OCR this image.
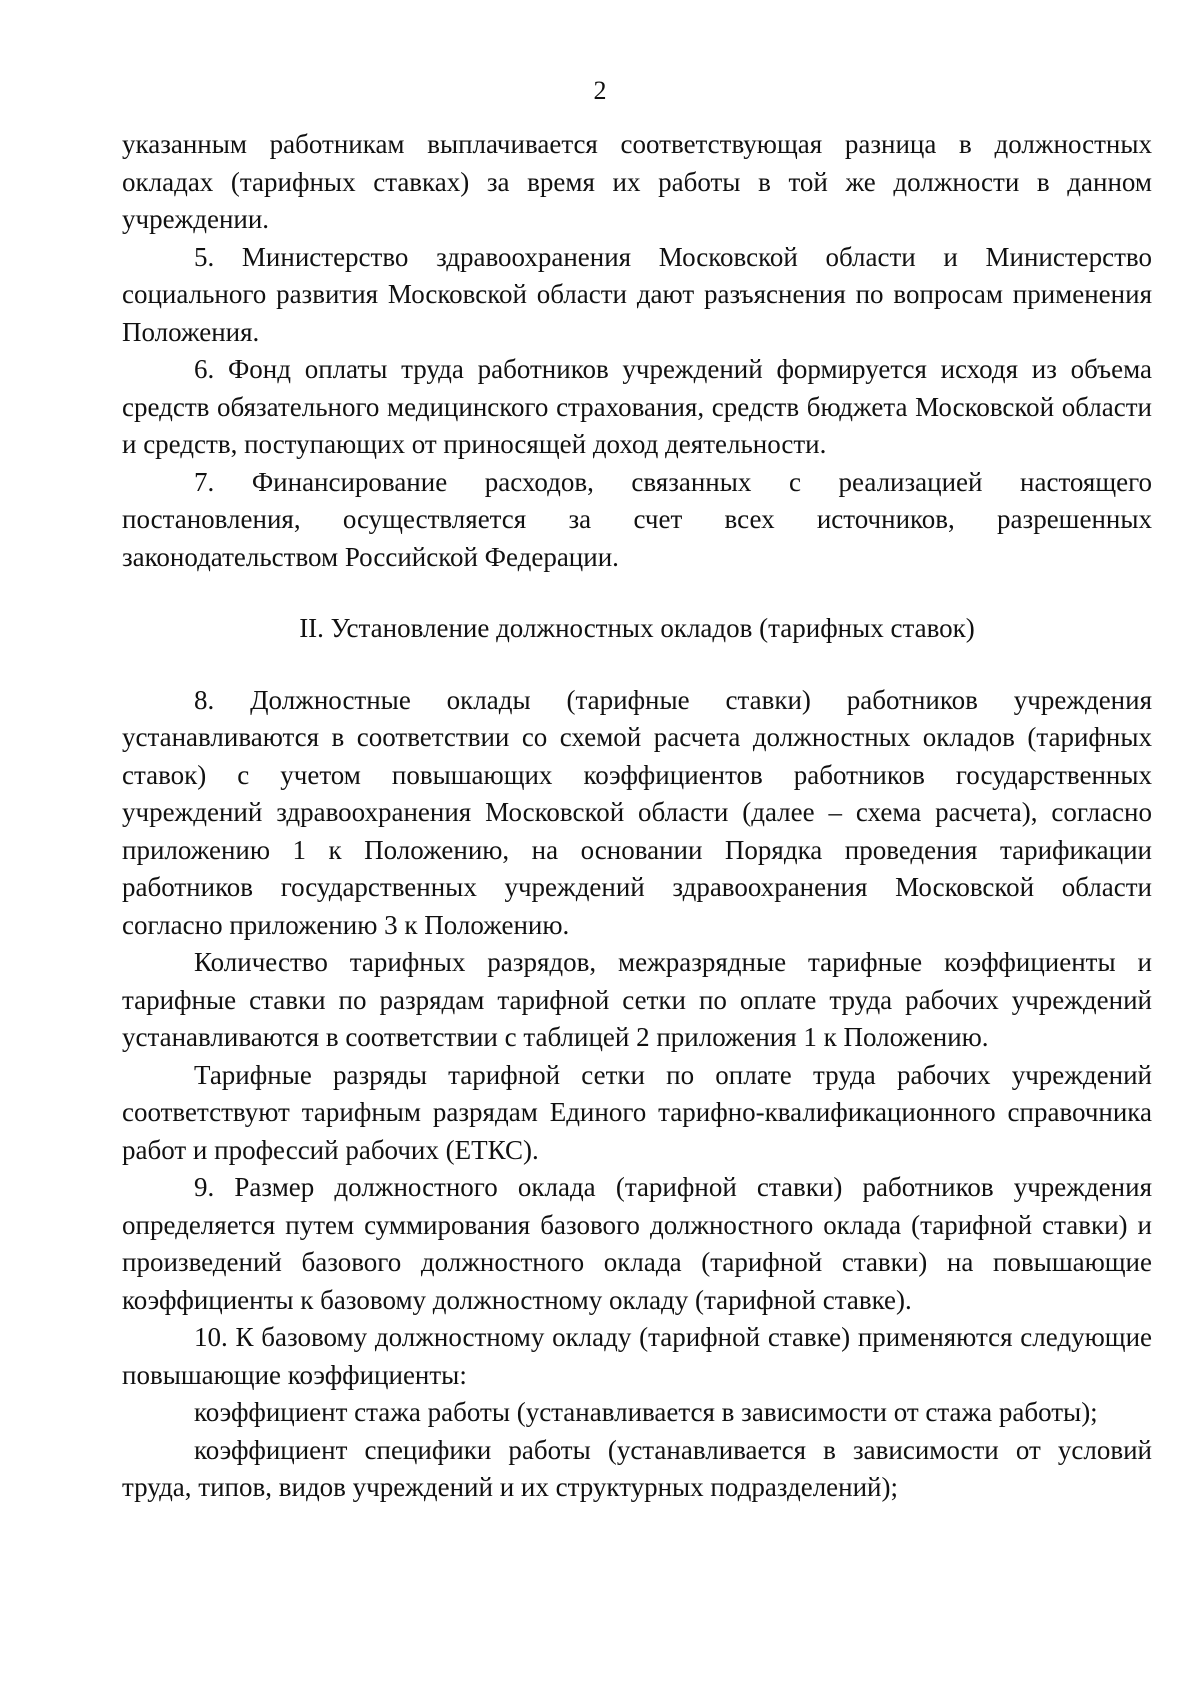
2

указанным работникам выплачивается соответствующая разница в должностных окладах (тарифных ставках) за время их работы в той же должности в данном учреждении.

5. Министерство здравоохранения Московской области и Министерство социального развития Московской области дают разъяснения по вопросам применения Положения.

6. Фонд оплаты труда работников учреждений формируется исходя из объема средств обязательного медицинского страхования, средств бюджета Московской области и средств, поступающих от приносящей доход деятельности.

7. Финансирование расходов, связанных с реализацией настоящего постановления, осуществляется за счет всех источников, разрешенных законодательством Российской Федерации.

II. Установление должностных окладов (тарифных ставок)

8. Должностные оклады (тарифные ставки) работников учреждения устанавливаются в соответствии со схемой расчета должностных окладов (тарифных ставок) с учетом повышающих коэффициентов работников государственных учреждений здравоохранения Московской области (далее – схема расчета), согласно приложению 1 к Положению, на основании Порядка проведения тарификации работников государственных учреждений здравоохранения Московской области согласно приложению 3 к Положению.

Количество тарифных разрядов, межразрядные тарифные коэффициенты и тарифные ставки по разрядам тарифной сетки по оплате труда рабочих учреждений устанавливаются в соответствии с таблицей 2 приложения 1 к Положению.

Тарифные разряды тарифной сетки по оплате труда рабочих учреждений соответствуют тарифным разрядам Единого тарифно-квалификационного справочника работ и профессий рабочих (ЕТКС).

9. Размер должностного оклада (тарифной ставки) работников учреждения определяется путем суммирования базового должностного оклада (тарифной ставки) и произведений базового должностного оклада (тарифной ставки) на повышающие коэффициенты к базовому должностному окладу (тарифной ставке).

10. К базовому должностному окладу (тарифной ставке) применяются следующие повышающие коэффициенты:

коэффициент стажа работы (устанавливается в зависимости от стажа работы);

коэффициент специфики работы (устанавливается в зависимости от условий труда, типов, видов учреждений и их структурных подразделений);
